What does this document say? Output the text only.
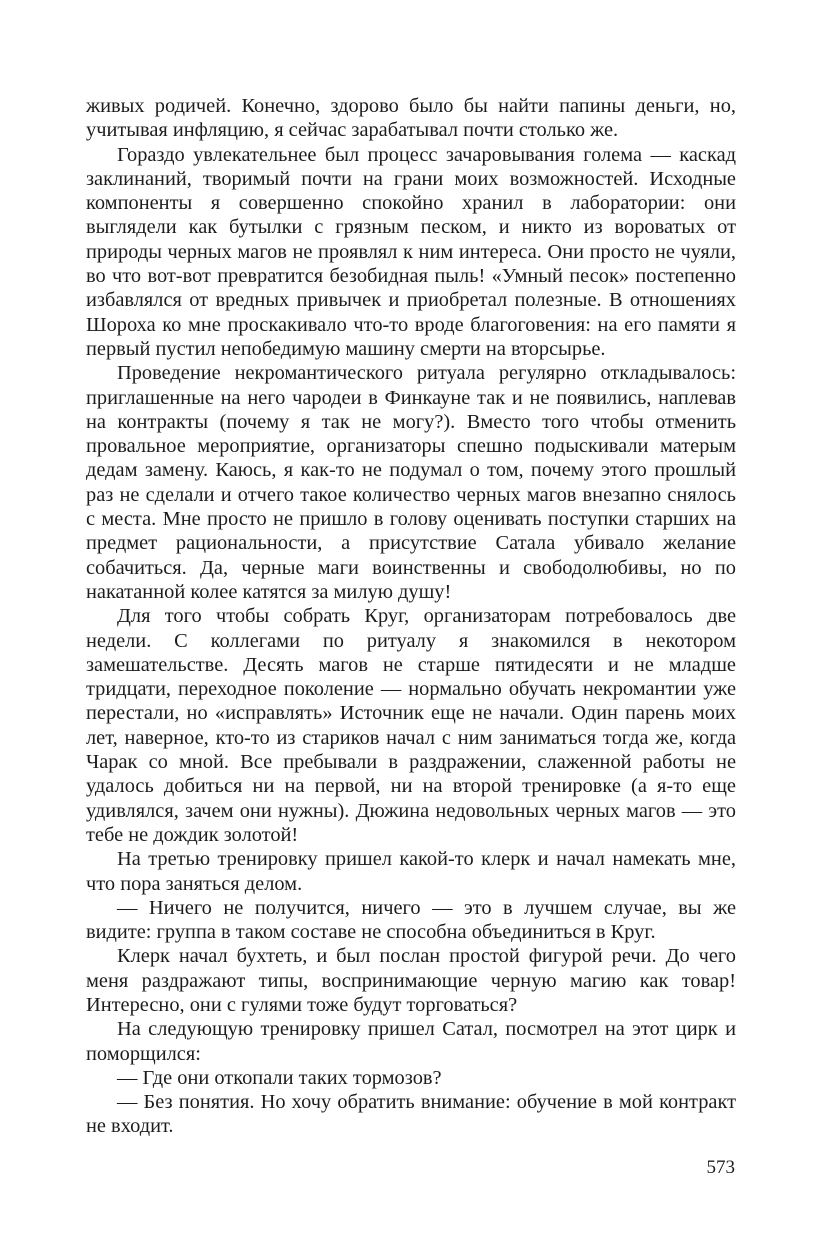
живых родичей. Конечно, здорово было бы найти папины деньги, но, учитывая инфляцию, я сейчас зарабатывал почти столько же.

Гораздо увлекательнее был процесс зачаровывания голема — каскад заклинаний, творимый почти на грани моих возможностей. Исходные компоненты я совершенно спокойно хранил в лаборатории: они выглядели как бутылки с грязным песком, и никто из вороватых от природы черных магов не проявлял к ним интереса. Они просто не чуяли, во что вот-вот превратится безобидная пыль! «Умный песок» постепенно избавлялся от вредных привычек и приобретал полезные. В отношениях Шороха ко мне проскакивало что-то вроде благоговения: на его памяти я первый пустил непобедимую машину смерти на вторсырье.

Проведение некромантического ритуала регулярно откладывалось: приглашенные на него чародеи в Финкауне так и не появились, наплевав на контракты (почему я так не могу?). Вместо того чтобы отменить провальное мероприятие, организаторы спешно подыскивали матерым дедам замену. Каюсь, я как-то не подумал о том, почему этого прошлый раз не сделали и отчего такое количество черных магов внезапно снялось с места. Мне просто не пришло в голову оценивать поступки старших на предмет рациональности, а присутствие Сатала убивало желание собачиться. Да, черные маги воинственны и свободолюбивы, но по накатанной колее катятся за милую душу!

Для того чтобы собрать Круг, организаторам потребовалось две недели. С коллегами по ритуалу я знакомился в некотором замешательстве. Десять магов не старше пятидесяти и не младше тридцати, переходное поколение — нормально обучать некромантии уже перестали, но «исправлять» Источник еще не начали. Один парень моих лет, наверное, кто-то из стариков начал с ним заниматься тогда же, когда Чарак со мной. Все пребывали в раздражении, слаженной работы не удалось добиться ни на первой, ни на второй тренировке (а я-то еще удивлялся, зачем они нужны). Дюжина недовольных черных магов — это тебе не дождик золотой!

На третью тренировку пришел какой-то клерк и начал намекать мне, что пора заняться делом.

— Ничего не получится, ничего — это в лучшем случае, вы же видите: группа в таком составе не способна объединиться в Круг.

Клерк начал бухтеть, и был послан простой фигурой речи. До чего меня раздражают типы, воспринимающие черную магию как товар! Интересно, они с гулями тоже будут торговаться?

На следующую тренировку пришел Сатал, посмотрел на этот цирк и поморщился:

— Где они откопали таких тормозов?

— Без понятия. Но хочу обратить внимание: обучение в мой контракт не входит.

573
